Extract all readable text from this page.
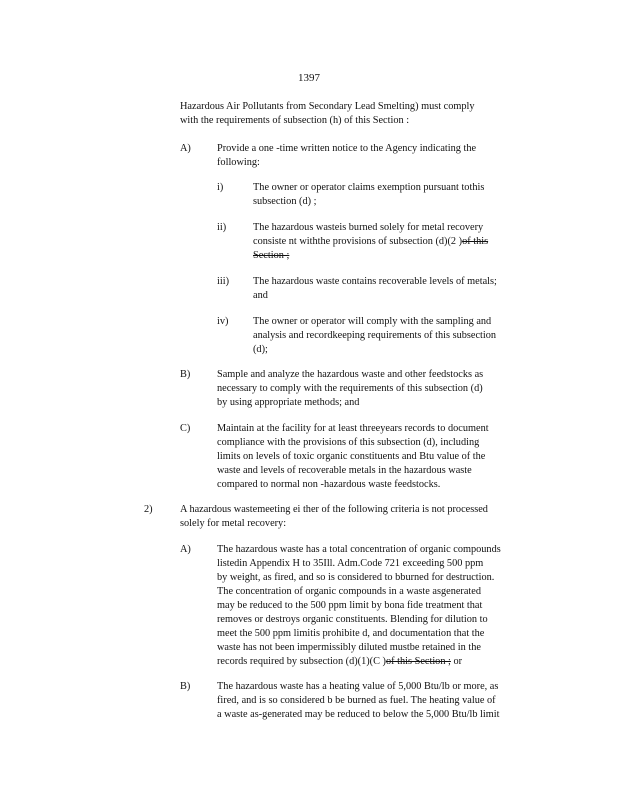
1397
Hazardous Air Pollutants from Secondary Lead Smelting) must comply
with the requirements of subsection (h) of this Section :
A)	Provide a one -time written notice to the Agency indicating the
following:
i)	The owner or operator claims exemption pursuant tothis
subsection (d) ;
ii)	The hazardous wasteis burned solely for metal recovery
consiste nt withthe provisions of subsection (d)(2 )of this
Section ;
iii) The hazardous waste contains recoverable levels of metals;
and
iv) The owner or operator will comply with the sampling and
analysis and recordkeeping requirements of this subsection
(d);
B)	Sample and analyze the hazardous waste and other feedstocks as
necessary to comply with the requirements of this subsection (d)
by using appropriate methods; and
C)	Maintain at the facility for at least threeyears records to document
compliance with the provisions of this subsection (d), including
limits on levels of toxic organic constituents and Btu value of the
waste and levels of recoverable metals in the hazardous waste
compared to normal non -hazardous waste feedstocks.
2)	A hazardous wastemeeting ei ther of the following criteria is not processed
solely for metal recovery:
A)	The hazardous waste has a total concentration of organic compounds
listedin Appendix H to 35Ill. Adm.Code 721 exceeding 500 ppm
by weight, as fired, and so is considered to bburned for destruction.
The concentration of organic compounds in a waste asgenerated
may be reduced to the 500 ppm limit by bona fide treatment that
removes or destroys organic constituents. Blending for dilution to
meet the 500 ppm limitis prohibite d, and documentation that the
waste has not been impermissibly diluted mustbe retained in the
records required by subsection (d)(1)(C )of this Section ; or
B)	The hazardous waste has a heating value of 5,000 Btu/lb or more, as
fired, and is so considered b be burned as fuel. The heating value of
a waste as-generated may be reduced to below the 5,000 Btu/lb limit
